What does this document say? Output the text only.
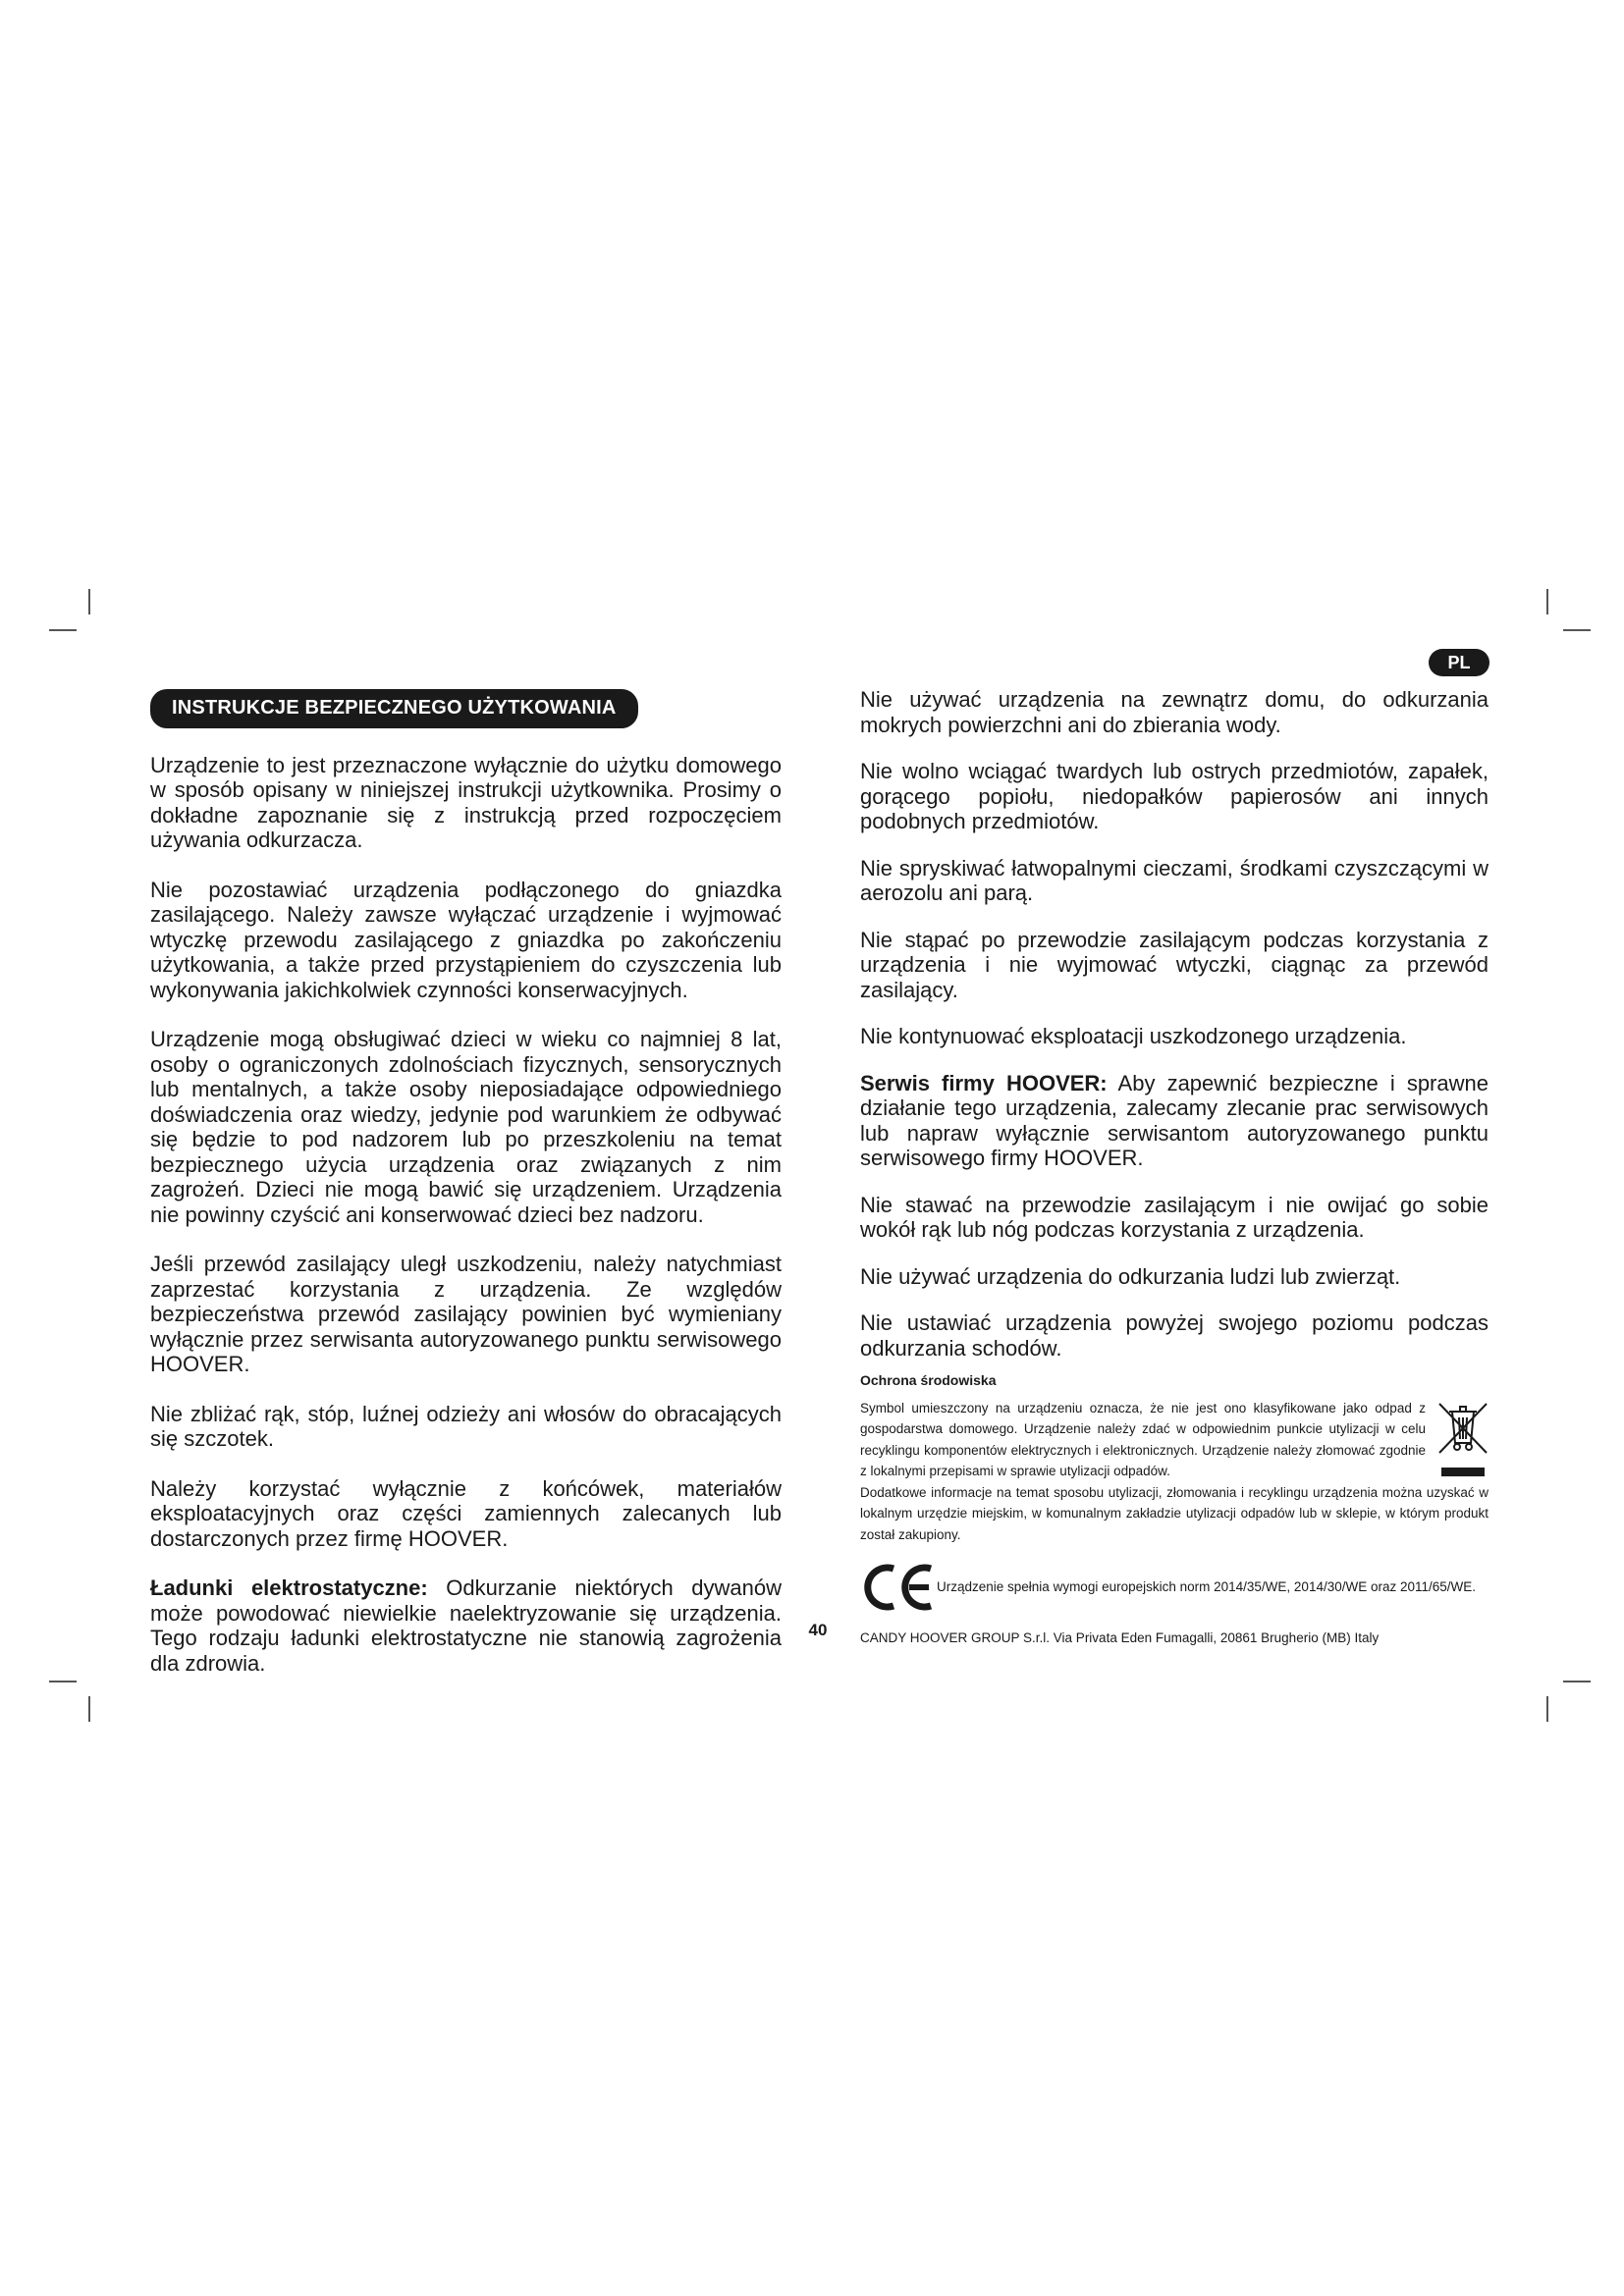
PL
INSTRUKCJE BEZPIECZNEGO UŻYTKOWANIA

Urządzenie to jest przeznaczone wyłącznie do użytku domowego w sposób opisany w niniejszej instrukcji użytkownika. Prosimy o dokładne zapoznanie się z instrukcją przed rozpoczęciem używania odkurzacza.

Nie pozostawiać urządzenia podłączonego do gniazdka zasilającego. Należy zawsze wyłączać urządzenie i wyjmować wtyczkę przewodu zasilającego z gniazdka po zakończeniu użytkowania, a także przed przystąpieniem do czyszczenia lub wykonywania jakichkolwiek czynności konserwacyjnych.

Urządzenie mogą obsługiwać dzieci w wieku co najmniej 8 lat, osoby o ograniczonych zdolnościach fizycznych, sensorycznych lub mentalnych, a także osoby nieposiadające odpowiedniego doświadczenia oraz wiedzy, jedynie pod warunkiem że odbywać się będzie to pod nadzorem lub po przeszkoleniu na temat bezpiecznego użycia urządzenia oraz związanych z nim zagrożeń. Dzieci nie mogą bawić się urządzeniem. Urządzenia nie powinny czyścić ani konserwować dzieci bez nadzoru.

Jeśli przewód zasilający uległ uszkodzeniu, należy natychmiast zaprzestać korzystania z urządzenia. Ze względów bezpieczeństwa przewód zasilający powinien być wymieniany wyłącznie przez serwisanta autoryzowanego punktu serwisowego HOOVER.

Nie zbliżać rąk, stóp, luźnej odzieży ani włosów do obracających się szczotek.

Należy korzystać wyłącznie z końcówek, materiałów eksploatacyjnych oraz części zamiennych zalecanych lub dostarczonych przez firmę HOOVER.

Ładunki elektrostatyczne: Odkurzanie niektórych dywanów może powodować niewielkie naelektryzowanie się urządzenia. Tego rodzaju ładunki elektrostatyczne nie stanowią zagrożenia dla zdrowia.

Nie używać urządzenia na zewnątrz domu, do odkurzania mokrych powierzchni ani do zbierania wody.

Nie wolno wciągać twardych lub ostrych przedmiotów, zapałek, gorącego popiołu, niedopałków papierosów ani innych podobnych przedmiotów.

Nie spryskiwać łatwopalnymi cieczami, środkami czyszczącymi w aerozolu ani parą.

Nie stąpać po przewodzie zasilającym podczas korzystania z urządzenia i nie wyjmować wtyczki, ciągnąc za przewód zasilający.

Nie kontynuować eksploatacji uszkodzonego urządzenia.

Serwis firmy HOOVER: Aby zapewnić bezpieczne i sprawne działanie tego urządzenia, zalecamy zlecanie prac serwisowych lub napraw wyłącznie serwisantom autoryzowanego punktu serwisowego firmy HOOVER.

Nie stawać na przewodzie zasilającym i nie owijać go sobie wokół rąk lub nóg podczas korzystania z urządzenia.

Nie używać urządzenia do odkurzania ludzi lub zwierząt.

Nie ustawiać urządzenia powyżej swojego poziomu podczas odkurzania schodów.

Ochrona środowiska
Symbol umieszczony na urządzeniu oznacza, że nie jest ono klasyfikowane jako odpad z gospodarstwa domowego. Urządzenie należy zdać w odpowiednim punkcie utylizacji w celu recyklingu komponentów elektrycznych i elektronicznych. Urządzenie należy złomować zgodnie z lokalnymi przepisami w sprawie utylizacji odpadów.
Dodatkowe informacje na temat sposobu utylizacji, złomowania i recyklingu urządzenia można uzyskać w lokalnym urzędzie miejskim, w komunalnym zakładzie utylizacji odpadów lub w sklepie, w którym produkt został zakupiony.
Urządzenie spełnia wymogi europejskich norm 2014/35/WE, 2014/30/WE oraz 2011/65/WE.
CANDY HOOVER GROUP S.r.l. Via Privata Eden Fumagalli, 20861 Brugherio (MB) Italy
40
